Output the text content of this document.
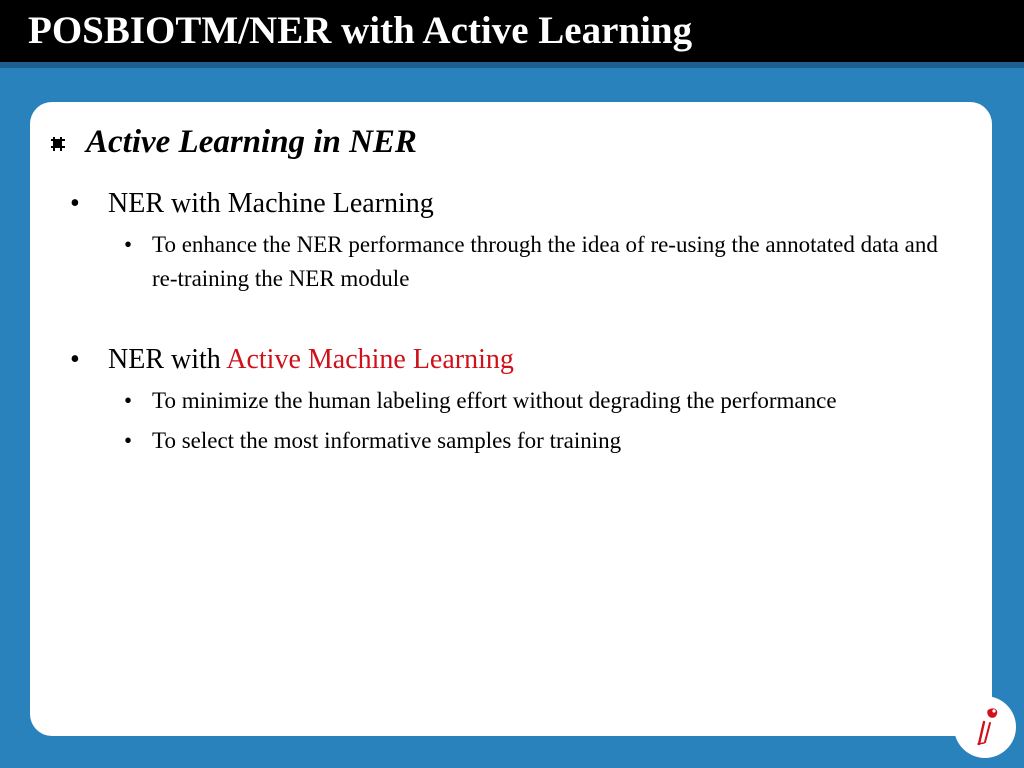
POSBIOTM/NER with Active Learning
Active Learning in NER
• NER with Machine Learning
• To enhance the NER performance through the idea of re-using the annotated data and re-training the NER module
• NER with Active Machine Learning
• To minimize the human labeling effort without degrading the performance
• To select the most informative samples for training
